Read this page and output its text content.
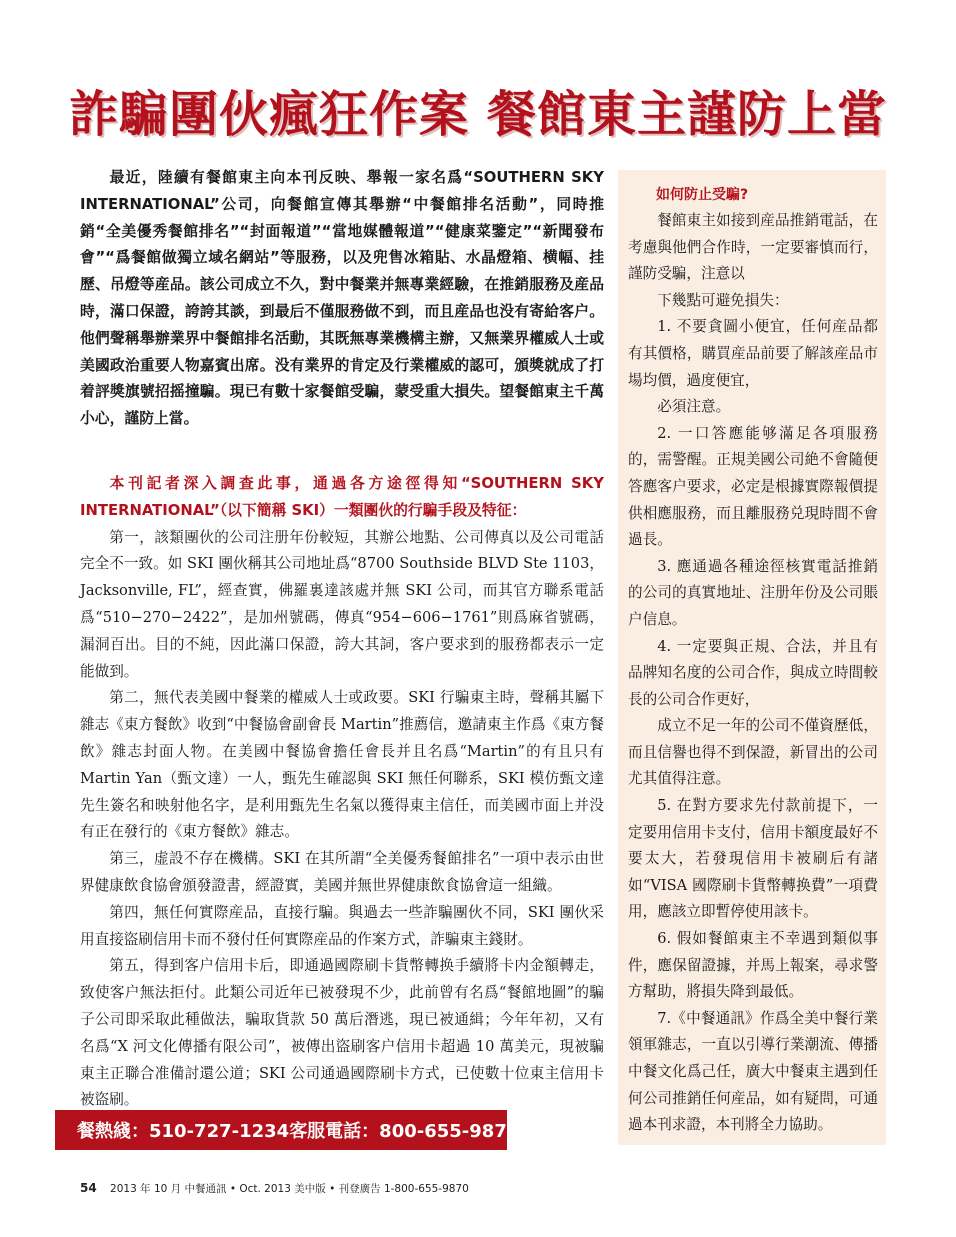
詐騙團伙瘋狂作案 餐館東主謹防上當

最近，陸續有餐館東主向本刊反映、舉報一家名爲“SOUTHERN SKY INTERNATIONAL”公司，向餐館宣傳其舉辦“中餐館排名活動”，同時推銷“全美優秀餐館排名”“封面報道”“當地媒體報道”“健康菜鑒定”“新聞發布會”“爲餐館做獨立域名網站”等服務，以及兜售冰箱貼、水晶燈箱、横幅、挂歷、吊燈等産品。該公司成立不久，對中餐業并無專業經驗，在推銷服務及産品時，滿口保證，誇誇其談，到最后不僅服務做不到，而且産品也没有寄給客户。他們聲稱舉辦業界中餐館排名活動，其既無專業機構主辦，又無業界權威人士或美國政治重要人物嘉賓出席。没有業界的肯定及行業權威的認可，頒獎就成了打着評獎旗號招摇撞騙。現已有數十家餐館受騙，蒙受重大損失。望餐館東主千萬小心，謹防上當。

本刊記者深入調查此事，通過各方途徑得知“SOUTHERN SKY INTERNATIONAL”（以下簡稱 SKI）一類團伙的行騙手段及特征：

第一，該類團伙的公司注册年份較短，其辦公地點、公司傳真以及公司電話完全不一致。如 SKI 團伙稱其公司地址爲“8700 Southside BLVD Ste 1103，Jacksonville, FL”，經查實，佛羅裏達該處并無 SKI 公司，而其官方聯系電話爲“510−270−2422”，是加州號碼，傳真“954−606−1761”則爲麻省號碼，漏洞百出。目的不純，因此滿口保證，誇大其詞，客户要求到的服務都表示一定能做到。

第二，無代表美國中餐業的權威人士或政要。SKI 行騙東主時，聲稱其屬下雜志《東方餐飲》收到“中餐協會副會長 Martin”推薦信，邀請東主作爲《東方餐飲》雜志封面人物。在美國中餐協會擔任會長并且名爲“Martin”的有且只有 Martin Yan（甄文達）一人，甄先生確認與 SKI 無任何聯系，SKI 模仿甄文達先生簽名和映射他名字，是利用甄先生名氣以獲得東主信任，而美國市面上并没有正在發行的《東方餐飲》雜志。

第三，虚設不存在機構。SKI 在其所謂“全美優秀餐館排名”一項中表示由世界健康飲食協會頒發證書，經證實，美國并無世界健康飲食協會這一組織。

第四，無任何實際産品，直接行騙。與過去一些詐騙團伙不同，SKI 團伙采用直接盜刷信用卡而不發付任何實際産品的作案方式，詐騙東主錢財。

第五，得到客户信用卡后，即通過國際刷卡貨幣轉换手續將卡内金額轉走，致使客户無法拒付。此類公司近年已被發現不少，此前曾有名爲“餐館地圖”的騙子公司即采取此種做法，騙取貨款 50 萬后潛逃，現已被通緝；今年年初，又有名爲“X 河文化傳播有限公司”，被傳出盜刷客户信用卡超過 10 萬美元，現被騙東主正聯合准備討還公道；SKI 公司通過國際刷卡方式，已使數十位東主信用卡被盜刷。

如何防止受騙?

餐館東主如接到産品推銷電話，在考慮與他們合作時，一定要審慎而行，謹防受騙，注意以

下幾點可避免損失：

1. 不要貪圖小便宜，任何産品都有其價格，購買産品前要了解該産品市場均價，過度便宜，

必須注意。

2. 一口答應能够滿足各項服務的，需警醒。正規美國公司絶不會隨便答應客户要求，必定是根據實際報價提供相應服務，而且離服務兑現時間不會過長。

3. 應通過各種途徑核實電話推銷的公司的真實地址、注册年份及公司賬户信息。

4. 一定要與正規、合法，并且有品牌知名度的公司合作，與成立時間較長的公司合作更好，

成立不足一年的公司不僅資歷低，而且信譽也得不到保證，新冒出的公司尤其值得注意。

5. 在對方要求先付款前提下，一定要用信用卡支付，信用卡額度最好不要太大，若發現信用卡被刷后有諸如“VISA 國際刷卡貨幣轉换費”一項費用，應該立即暫停使用該卡。

6. 假如餐館東主不幸遇到類似事件，應保留證據，并馬上報案，尋求警方幫助，將損失降到最低。

7.《中餐通訊》作爲全美中餐行業領軍雜志，一直以引導行業潮流、傳播中餐文化爲己任，廣大中餐東主遇到任何公司推銷任何産品，如有疑問，可通過本刊求證，本刊將全力協助。

餐熱綫：510-727-1234 客服電話：800-655-9870
54 2013 年 10 月 中餐通訊 • Oct. 2013 美中版 • 刊登廣告 1-800-655-9870
